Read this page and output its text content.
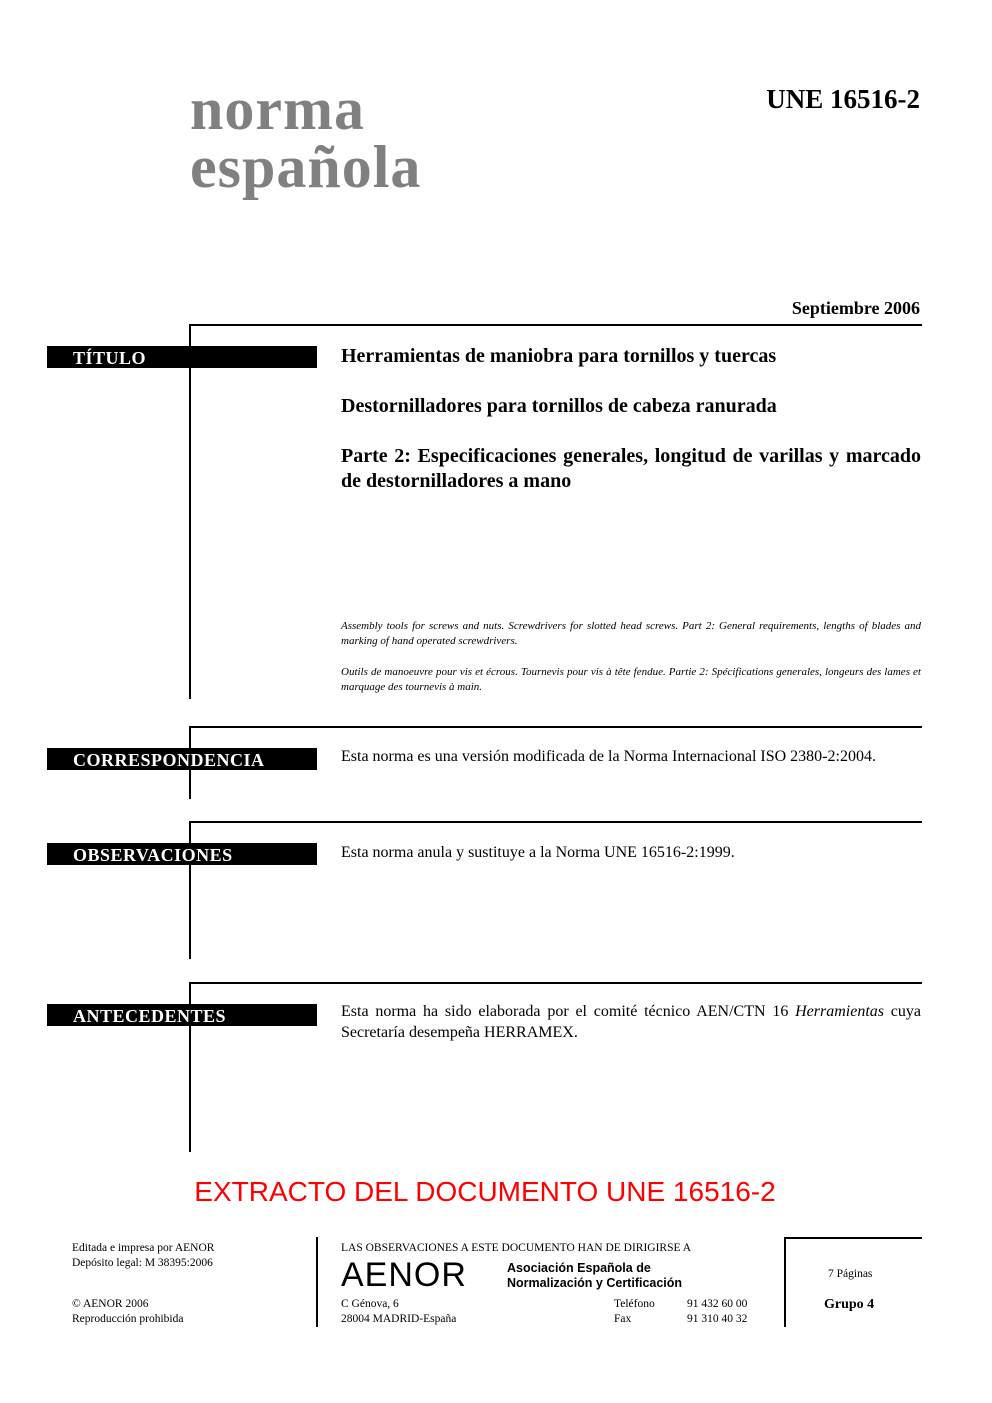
norma
española
UNE 16516-2
Septiembre 2006
TÍTULO	Herramientas de maniobra para tornillos y tuercas
Destornilladores para tornillos de cabeza ranurada
Parte 2: Especificaciones generales, longitud de varillas y marcado de destornilladores a mano
Assembly tools for screws and nuts. Screwdrivers for slotted head screws. Part 2: General requirements, lengths of blades and marking of hand operated screwdrivers.
Outils de manoeuvre pour vis et écrous. Tournevis pour vis à tête fendue. Partie 2: Spécifications generales, longeurs des lames et marquage des tournevis à main.
CORRESPONDENCIA	Esta norma es una versión modificada de la Norma Internacional ISO 2380-2:2004.
OBSERVACIONES	Esta norma anula y sustituye a la Norma UNE 16516-2:1999.
ANTECEDENTES	Esta norma ha sido elaborada por el comité técnico AEN/CTN 16 Herramientas cuya Secretaría desempeña HERRAMEX.
EXTRACTO DEL DOCUMENTO UNE 16516-2
Editada e impresa por AENOR
Depósito legal: M 38395:2006
© AENOR 2006
Reproducción prohibida
LAS OBSERVACIONES A ESTE DOCUMENTO HAN DE DIRIGIRSE A
AENOR	Asociación Española de
Normalización y Certificación
C Génova, 6
28004 MADRID-España
Teléfono	91 432 60 00
Fax	91 310 40 32
7 Páginas
Grupo 4
